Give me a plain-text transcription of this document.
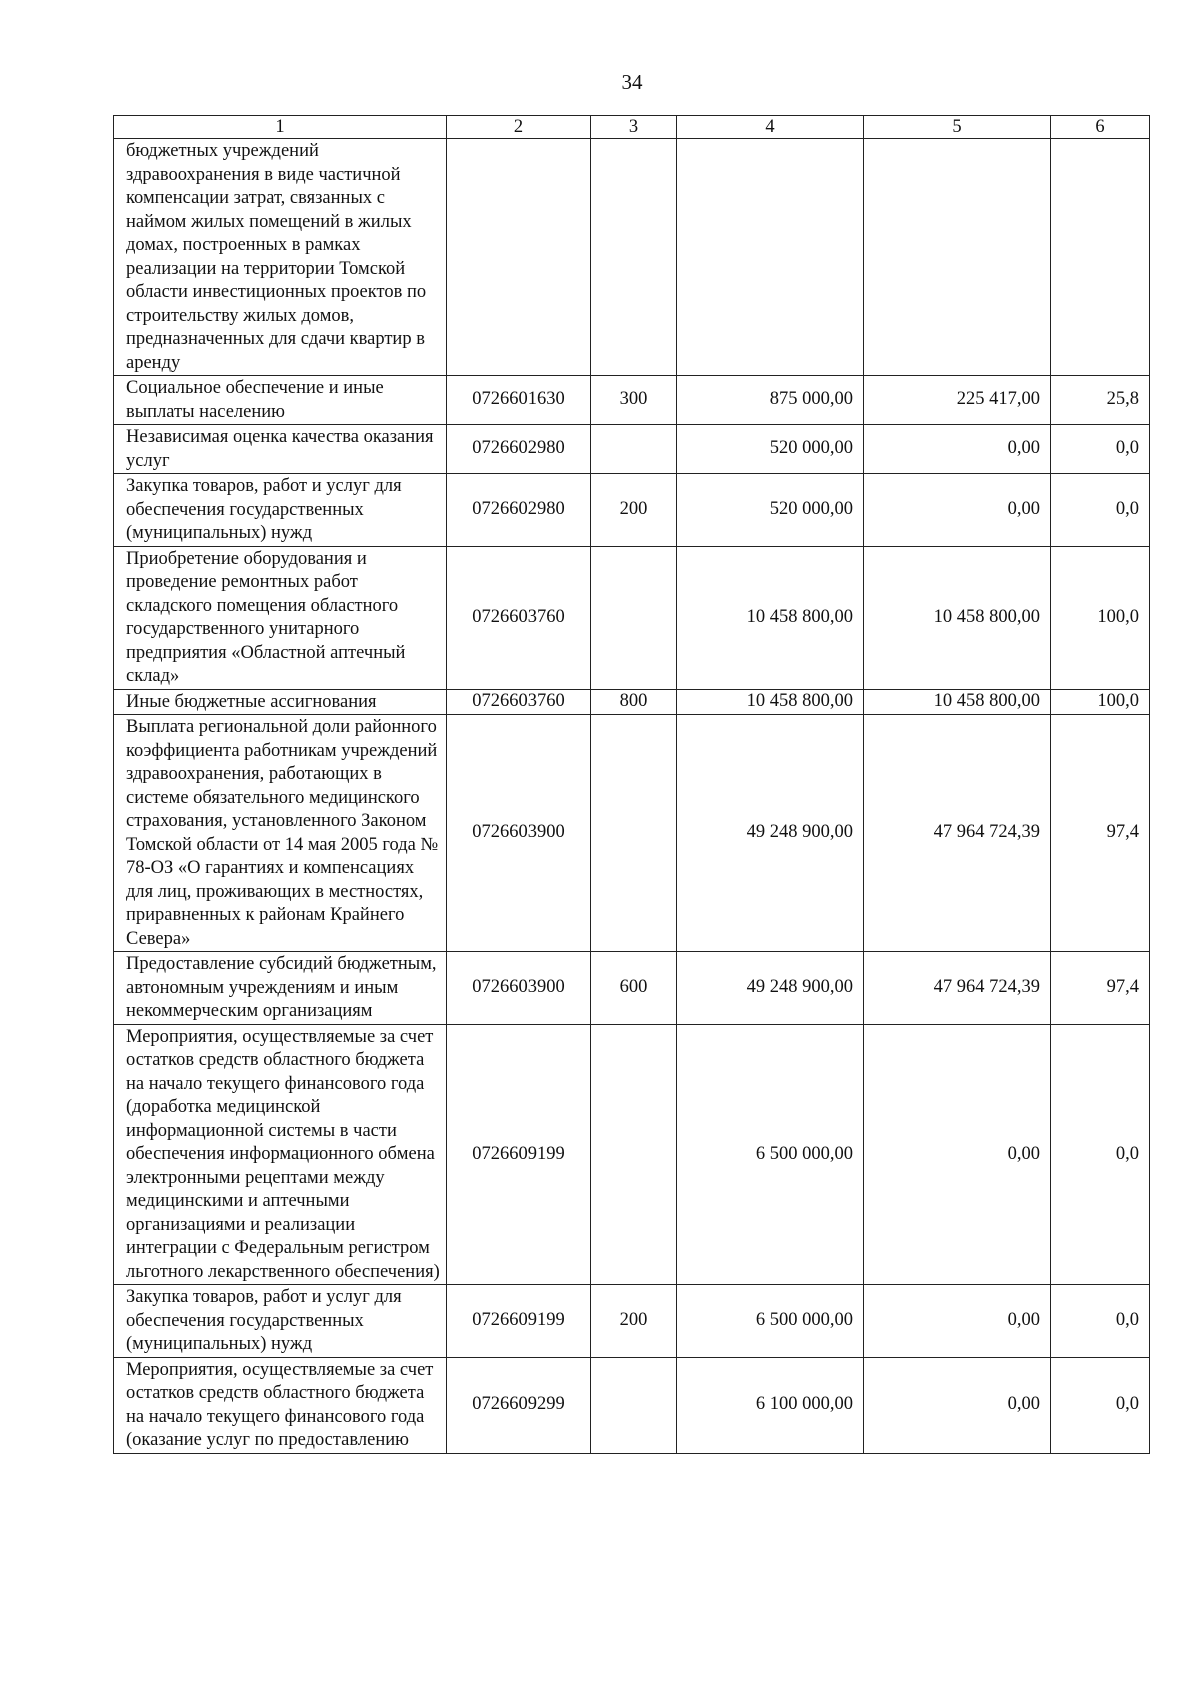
34
1	2	3	4	5	6
бюджетных учреждений здравоохранения в виде частичной компенсации затрат, связанных с наймом жилых помещений в жилых домах, построенных в рамках реализации на территории Томской области инвестиционных проектов по строительству жилых домов, предназначенных для сдачи квартир в аренду					
Социальное обеспечение и иные выплаты населению	0726601630	300	875 000,00	225 417,00	25,8
Независимая оценка качества оказания услуг	0726602980		520 000,00	0,00	0,0
Закупка товаров, работ и услуг для обеспечения государственных (муниципальных) нужд	0726602980	200	520 000,00	0,00	0,0
Приобретение оборудования и проведение ремонтных работ складского помещения областного государственного унитарного предприятия «Областной аптечный склад»	0726603760		10 458 800,00	10 458 800,00	100,0
Иные бюджетные ассигнования	0726603760	800	10 458 800,00	10 458 800,00	100,0
Выплата региональной доли районного коэффициента работникам учреждений здравоохранения, работающих в системе обязательного медицинского страхования, установленного Законом Томской области от 14 мая 2005 года № 78-ОЗ «О гарантиях и компенсациях для лиц, проживающих в местностях, приравненных к районам Крайнего Севера»	0726603900		49 248 900,00	47 964 724,39	97,4
Предоставление субсидий бюджетным, автономным учреждениям и иным некоммерческим организациям	0726603900	600	49 248 900,00	47 964 724,39	97,4
Мероприятия, осуществляемые за счет остатков средств областного бюджета на начало текущего финансового года (доработка медицинской информационной системы в части обеспечения информационного обмена электронными рецептами между медицинскими и аптечными организациями и реализации интеграции с Федеральным регистром льготного лекарственного обеспечения)	0726609199		6 500 000,00	0,00	0,0
Закупка товаров, работ и услуг для обеспечения государственных (муниципальных) нужд	0726609199	200	6 500 000,00	0,00	0,0
Мероприятия, осуществляемые за счет остатков средств областного бюджета на начало текущего финансового года (оказание услуг по предоставлению	0726609299		6 100 000,00	0,00	0,0
